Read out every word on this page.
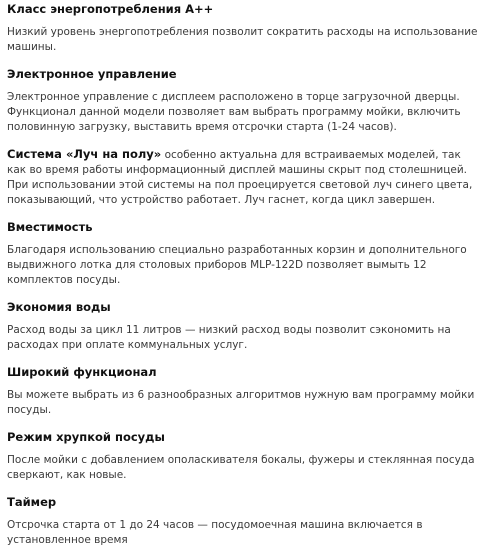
Класс энергопотребления A++

Низкий уровень энергопотребления позволит сократить расходы на использование машины.

Электронное управление

Электронное управление с дисплеем расположено в торце загрузочной дверцы. Функционал данной модели позволяет вам выбрать программу мойки, включить половинную загрузку, выставить время отсрочки старта (1-24 часов).

Система «Луч на полу» особенно актуальна для встраиваемых моделей, так как во время работы информационный дисплей машины скрыт под столешницей. При использовании этой системы на пол проецируется световой луч синего цвета, показывающий, что устройство работает. Луч гаснет, когда цикл завершен.

Вместимость

Благодаря использованию специально разработанных корзин и дополнительного выдвижного лотка для столовых приборов MLP-122D позволяет вымыть 12 комплектов посуды.

Экономия воды

Расход воды за цикл 11 литров — низкий расход воды позволит сэкономить на расходах при оплате коммунальных услуг.

Широкий функционал

Вы можете выбрать из 6 разнообразных алгоритмов нужную вам программу мойки посуды.

Режим хрупкой посуды

После мойки с добавлением ополаскивателя бокалы, фужеры и стеклянная посуда сверкают, как новые.

Таймер

Отсрочка старта от 1 до 24 часов — посудомоечная машина включается в установленное время
